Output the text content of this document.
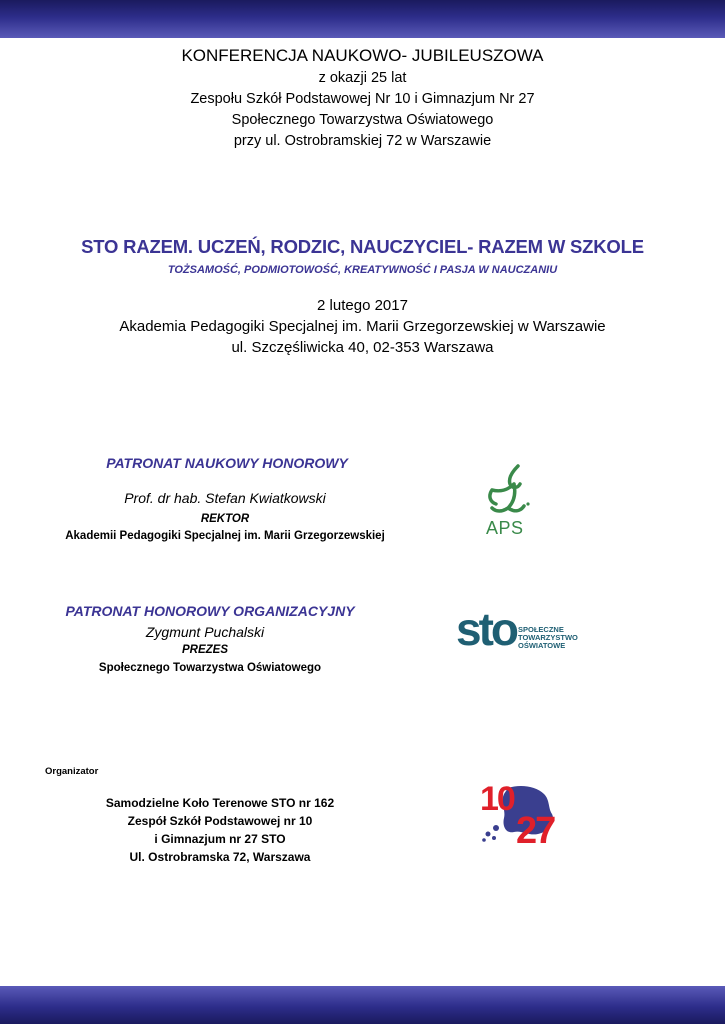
KONFERENCJA NAUKOWO- JUBILEUSZOWA
z okazji 25 lat
Zespołu Szkół Podstawowej Nr 10 i Gimnazjum Nr 27
Społecznego Towarzystwa Oświatowego
przy ul. Ostrobramskiej 72 w Warszawie
STO RAZEM. UCZEŃ, RODZIC, NAUCZYCIEL- RAZEM W SZKOLE
TOŻSAMOŚĆ, PODMIOTOWOŚĆ, KREATYWNOŚĆ I PASJA W NAUCZANIU
2 lutego 2017
Akademia Pedagogiki Specjalnej im. Marii Grzegorzewskiej w Warszawie
ul. Szczęśliwicka 40, 02-353 Warszawa
PATRONAT NAUKOWY HONOROWY
Prof. dr hab. Stefan Kwiatkowski
REKTOR
Akademii Pedagogiki Specjalnej im. Marii Grzegorzewskiej	APS
PATRONAT HONOROWY ORGANIZACYJNY
Zygmunt Puchalski
PREZES
Społecznego Towarzystwa Oświatowego
sto SPOŁECZNE
TOWARZYSTWO
OŚWIATOWE
Organizator
Samodzielne Koło Terenowe STO nr 162
Zespół Szkół Podstawowej nr 10
i Gimnazjum nr 27 STO
Ul. Ostrobramska 72, Warszawa
10
27
